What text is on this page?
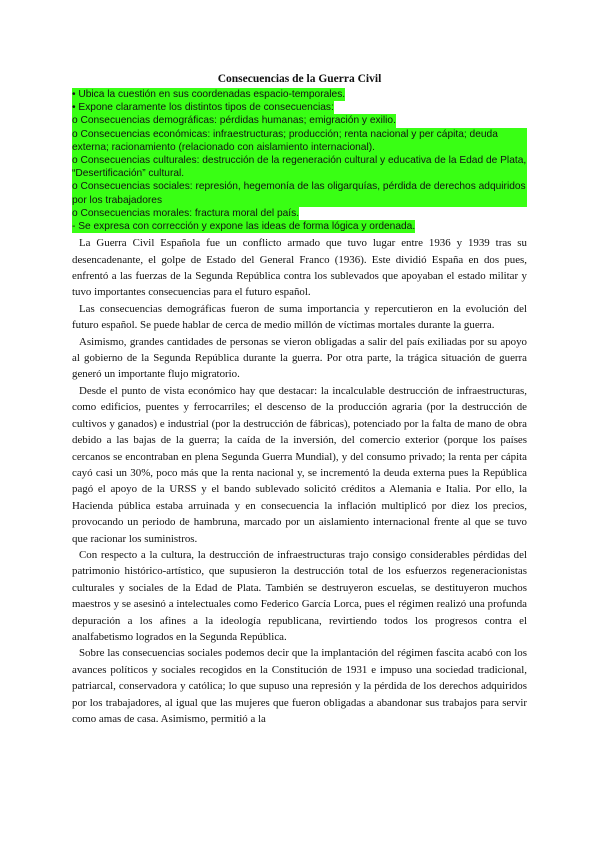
Consecuencias de la Guerra Civil
• Ubica la cuestión en sus coordenadas espacio-temporales.
• Expone claramente los distintos tipos de consecuencias:
o Consecuencias demográficas: pérdidas humanas; emigración y exilio.
o Consecuencias económicas: infraestructuras; producción; renta nacional y per cápita; deuda externa; racionamiento (relacionado con aislamiento internacional).
o Consecuencias culturales: destrucción de la regeneración cultural y educativa de la Edad de Plata, “Desertificación” cultural.
o Consecuencias sociales: represión, hegemonía de las oligarquías, pérdida de derechos adquiridos por los trabajadores
o Consecuencias morales: fractura moral del país.
- Se expresa con corrección y expone las ideas de forma lógica y ordenada.

La Guerra Civil Española fue un conflicto armado que tuvo lugar entre 1936 y 1939 tras su desencadenante, el golpe de Estado del General Franco (1936). Este dividió España en dos pues, enfrentó a las fuerzas de la Segunda República contra los sublevados que apoyaban el estado militar y tuvo importantes consecuencias para el futuro español.

Las consecuencias demográficas fueron de suma importancia y repercutieron en la evolución del futuro español. Se puede hablar de cerca de medio millón de víctimas mortales durante la guerra.

Asimismo, grandes cantidades de personas se vieron obligadas a salir del país exiliadas por su apoyo al gobierno de la Segunda República durante la guerra. Por otra parte, la trágica situación de guerra generó un importante flujo migratorio.

Desde el punto de vista económico hay que destacar: la incalculable destrucción de infraestructuras, como edificios, puentes y ferrocarriles; el descenso de la producción agraria (por la destrucción de cultivos y ganados) e industrial (por la destrucción de fábricas), potenciado por la falta de mano de obra debido a las bajas de la guerra; la caída de la inversión, del comercio exterior (porque los países cercanos se encontraban en plena Segunda Guerra Mundial), y del consumo privado; la renta per cápita cayó casi un 30%, poco más que la renta nacional y, se incrementó la deuda externa pues la República pagó el apoyo de la URSS y el bando sublevado solicitó créditos a Alemania e Italia. Por ello, la Hacienda pública estaba arruinada y en consecuencia la inflación multiplicó por diez los precios, provocando un periodo de hambruna, marcado por un aislamiento internacional frente al que se tuvo que racionar los suministros.

Con respecto a la cultura, la destrucción de infraestructuras trajo consigo considerables pérdidas del patrimonio histórico-artístico, que supusieron la destrucción total de los esfuerzos regeneracionistas culturales y sociales de la Edad de Plata. También se destruyeron escuelas, se destituyeron muchos maestros y se asesinó a intelectuales como Federico García Lorca, pues el régimen realizó una profunda depuración a los afines a la ideología republicana, revirtiendo todos los progresos contra el analfabetismo logrados en la Segunda República.

Sobre las consecuencias sociales podemos decir que la implantación del régimen fascita acabó con los avances políticos y sociales recogidos en la Constitución de 1931 e impuso una sociedad tradicional, patriarcal, conservadora y católica; lo que supuso una represión y la pérdida de los derechos adquiridos por los trabajadores, al igual que las mujeres que fueron obligadas a abandonar sus trabajos para servir como amas de casa. Asimismo, permitió a la
